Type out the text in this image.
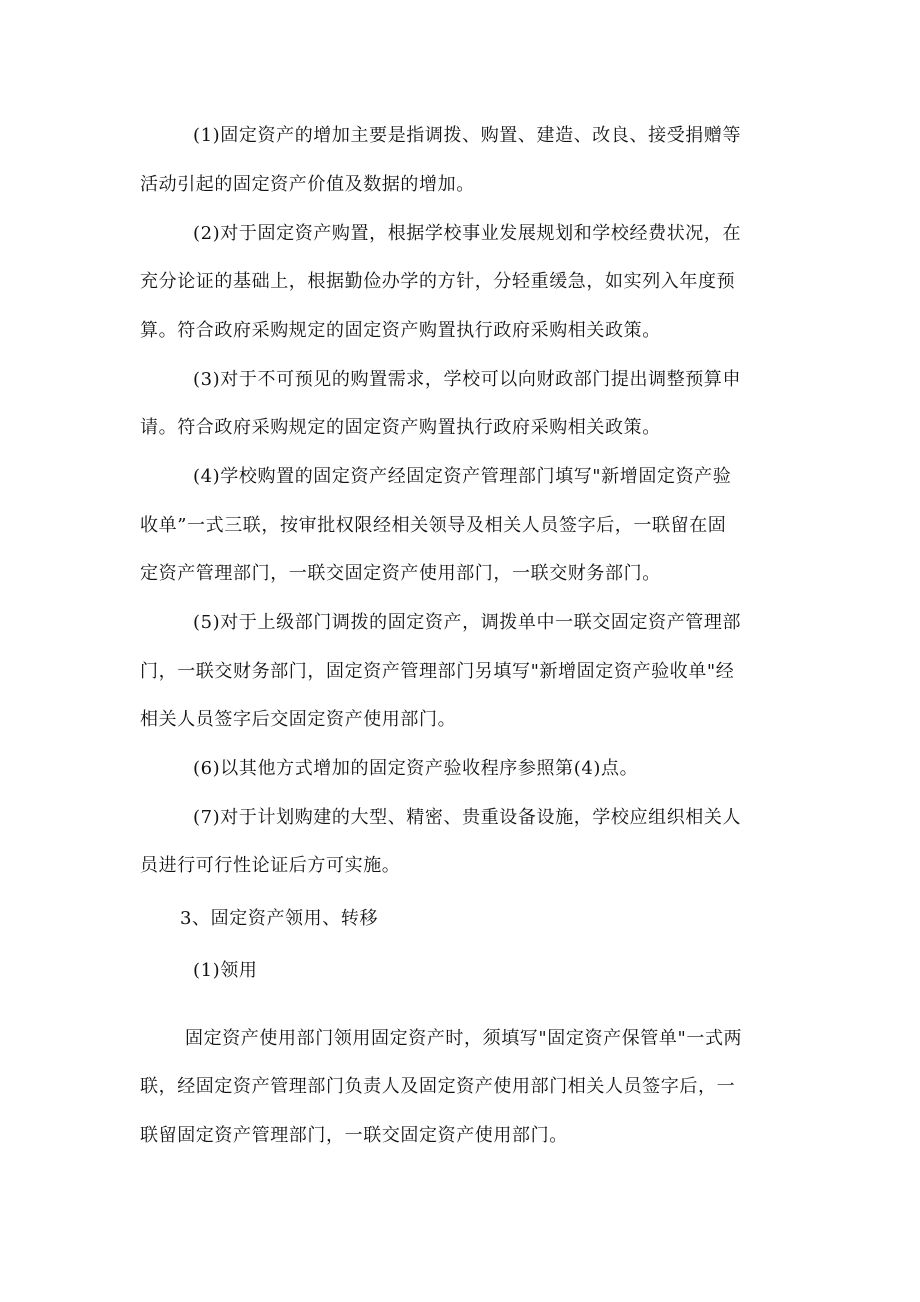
(1)固定资产的增加主要是指调拨、购置、建造、改良、接受捐赠等
活动引起的固定资产价值及数据的增加。
(2)对于固定资产购置，根据学校事业发展规划和学校经费状况，在
充分论证的基础上，根据勤俭办学的方针，分轻重缓急，如实列入年度预
算。符合政府采购规定的固定资产购置执行政府采购相关政策。
(3)对于不可预见的购置需求，学校可以向财政部门提出调整预算申
请。符合政府采购规定的固定资产购置执行政府采购相关政策。
(4)学校购置的固定资产经固定资产管理部门填写"新增固定资产验
收单”一式三联，按审批权限经相关领导及相关人员签字后，一联留在固
定资产管理部门，一联交固定资产使用部门，一联交财务部门。
(5)对于上级部门调拨的固定资产，调拨单中一联交固定资产管理部
门，一联交财务部门，固定资产管理部门另填写"新增固定资产验收单"经
相关人员签字后交固定资产使用部门。
(6)以其他方式增加的固定资产验收程序参照第(4)点。
(7)对于计划购建的大型、精密、贵重设备设施，学校应组织相关人
员进行可行性论证后方可实施。
3、固定资产领用、转移
(1)领用
固定资产使用部门领用固定资产时，须填写"固定资产保管单"一式两
联，经固定资产管理部门负责人及固定资产使用部门相关人员签字后，一
联留固定资产管理部门，一联交固定资产使用部门。
